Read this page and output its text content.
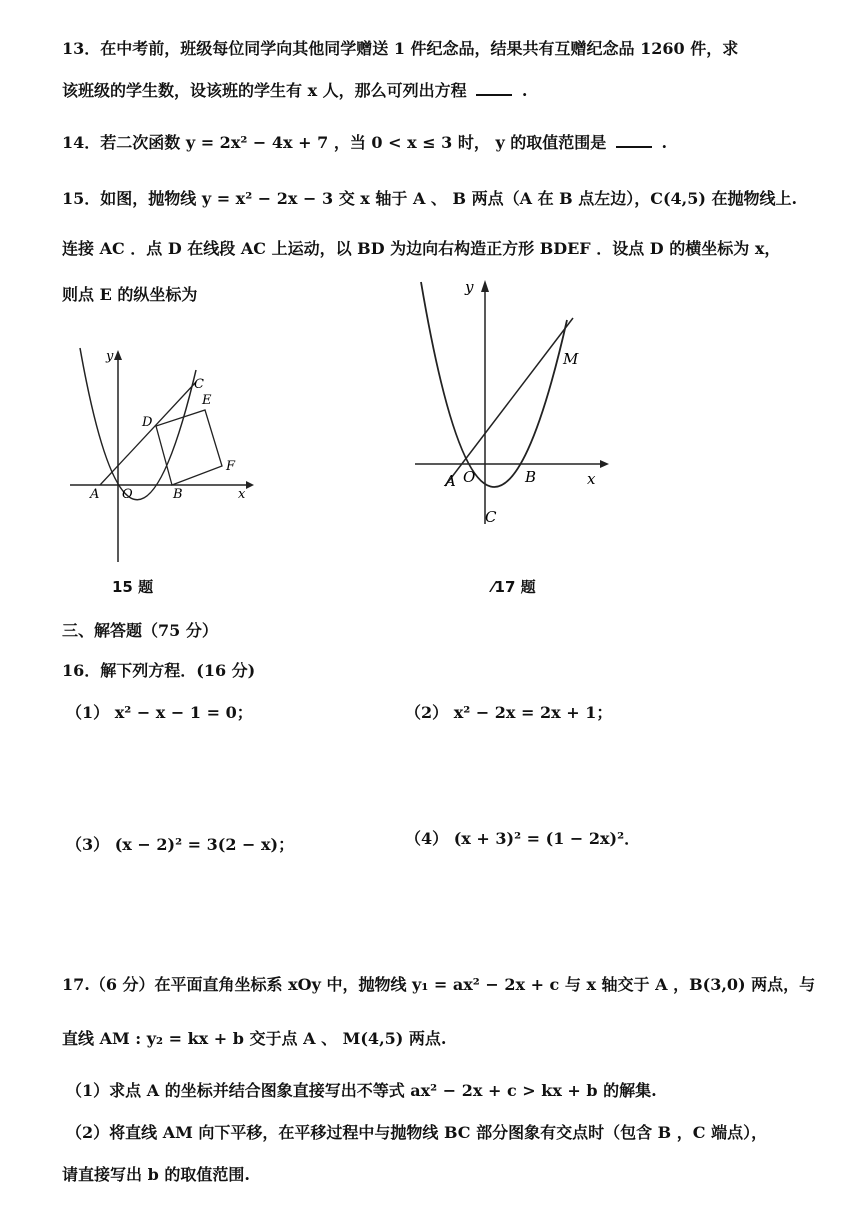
13．在中考前，班级每位同学向其他同学赠送 1 件纪念品，结果共有互赠纪念品 1260 件，求
该班级的学生数，设该班的学生有 x 人，那么可列出方程	.
14．若二次函数 y = 2x² − 4x + 7 ，当 0 < x ≤ 3 时， y 的取值范围是	.
15．如图，抛物线 y = x² − 2x − 3 交 x 轴于 A 、 B 两点（A 在 B 点左边），C(4,5) 在抛物线上.
连接 AC ．点 D 在线段 AC 上运动，以 BD 为边向右构造正方形 BDEF ．设点 D 的横坐标为 x，
则点 E 的纵坐标为
y
x
O
A	B
C
D
E
F
15 题
y
x
O
A	B
C
M
⁄17 题
三、解答题（75 分）
16．解下列方程．(16 分)
（1） x² − x − 1 = 0；	（2） x² − 2x = 2x + 1；
（3） (x − 2)² = 3(2 − x)；	（4） (x + 3)² = (1 − 2x)²．
17.（6 分）在平面直角坐标系 xOy 中，抛物线 y₁ = ax² − 2x + c 与 x 轴交于 A ，B(3,0) 两点，与
直线 AM : y₂ = kx + b 交于点 A 、 M(4,5) 两点.
（1）求点 A 的坐标并结合图象直接写出不等式 ax² − 2x + c > kx + b 的解集.
（2）将直线 AM 向下平移，在平移过程中与抛物线 BC 部分图象有交点时（包含 B ，C 端点），
请直接写出 b 的取值范围.
